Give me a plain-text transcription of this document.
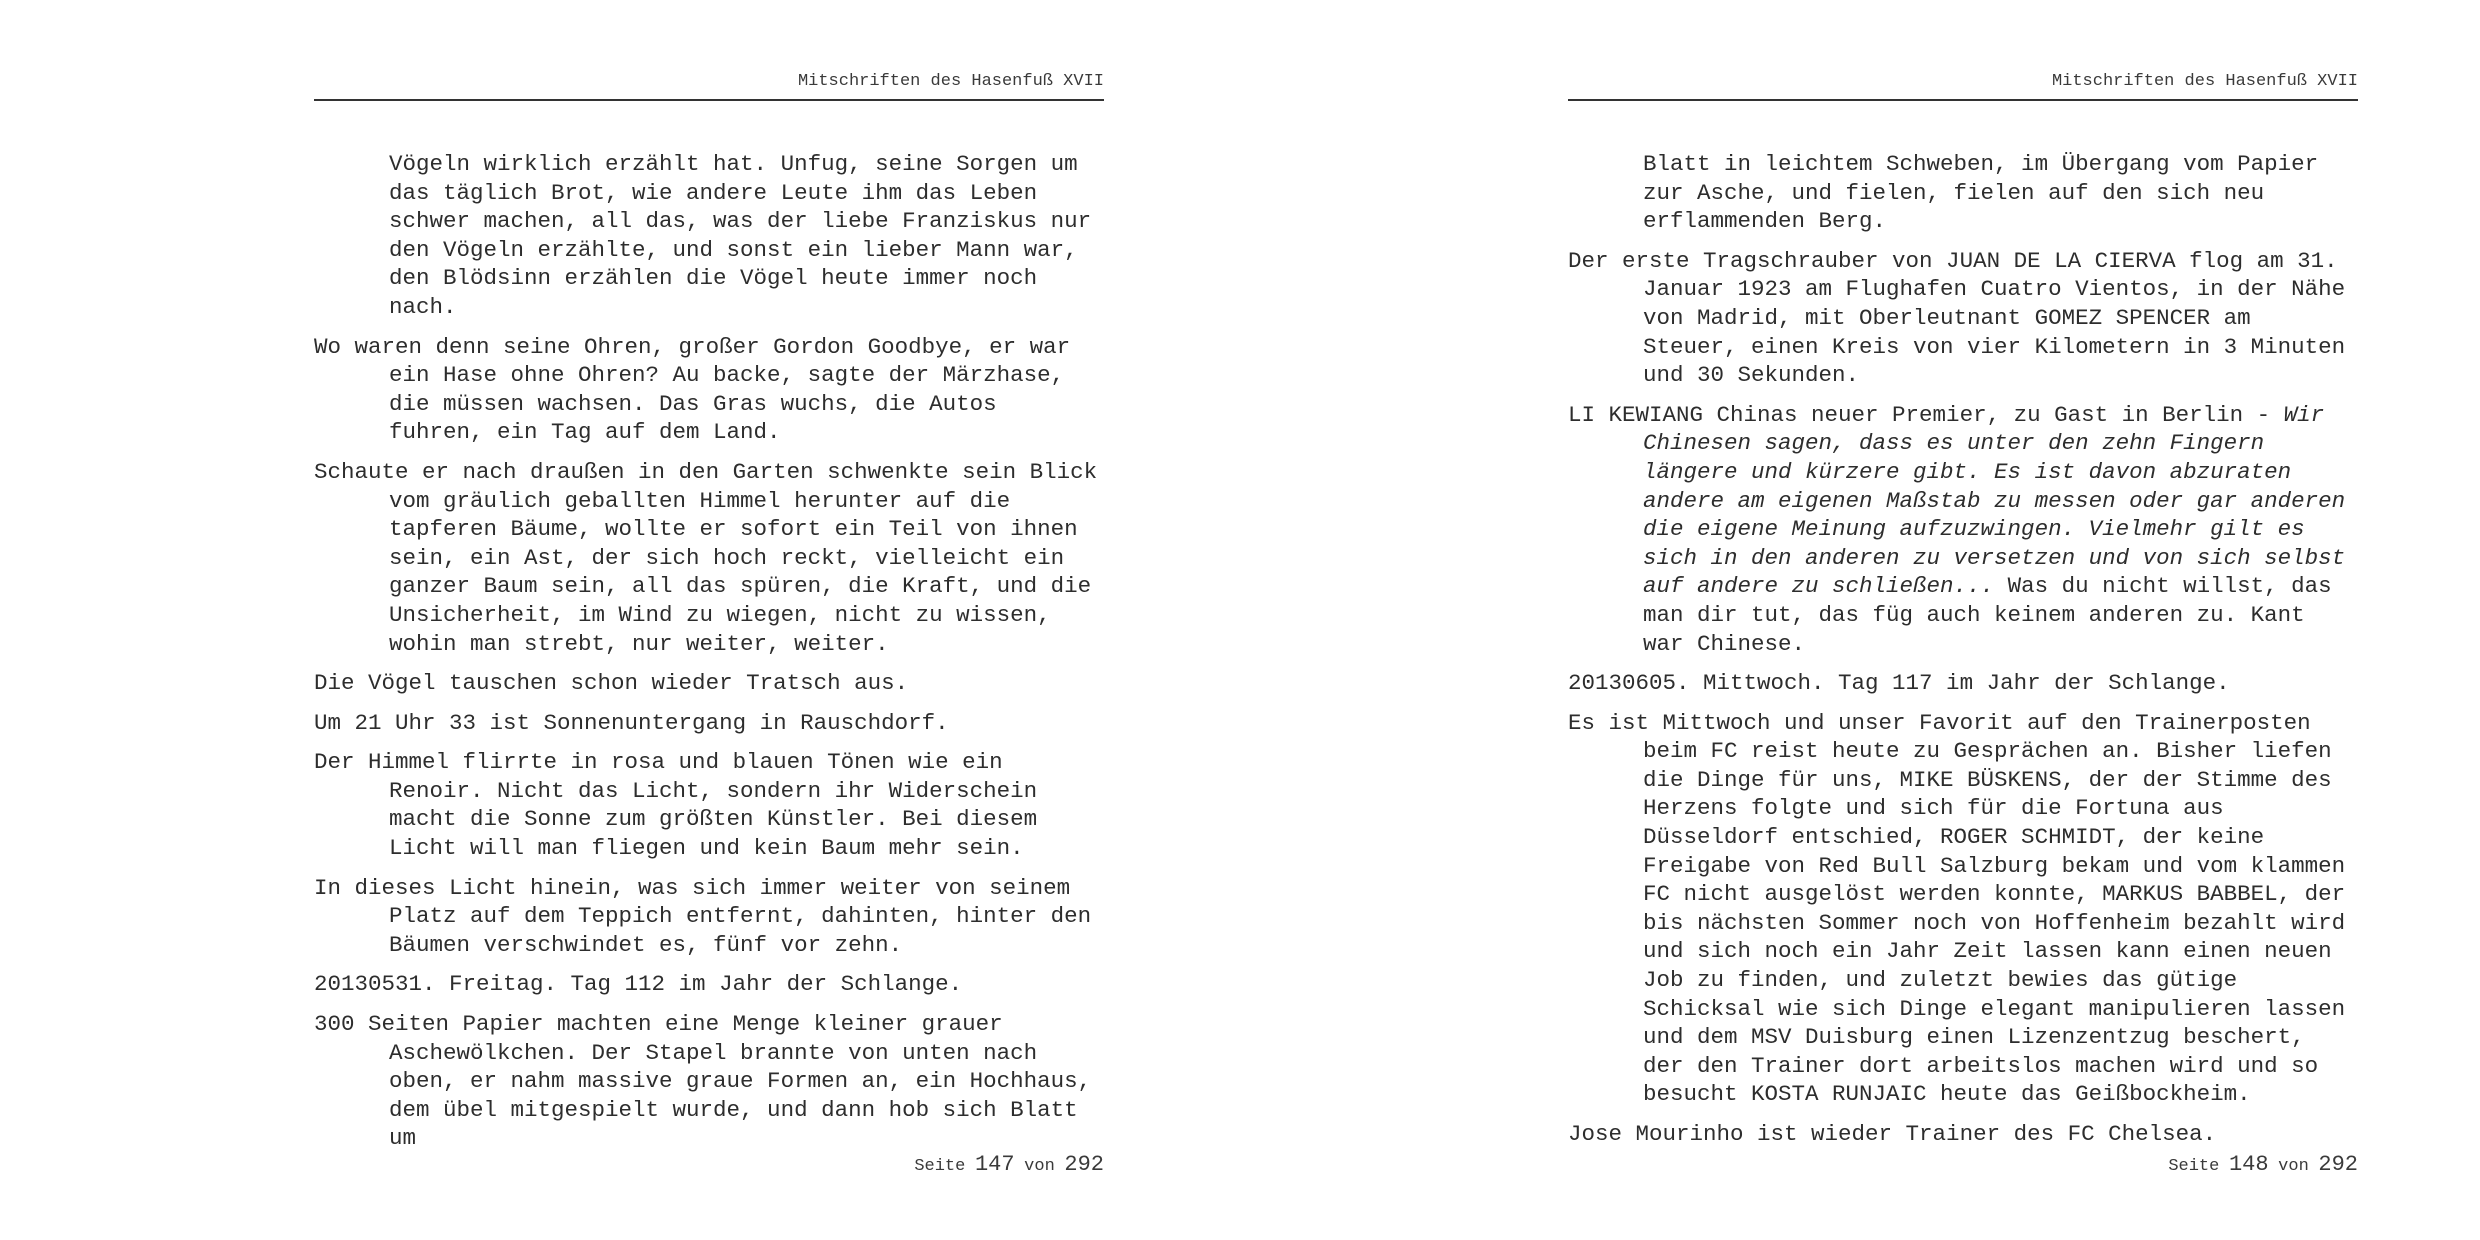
Mitschriften des Hasenfuß XVII

Vögeln wirklich erzählt hat. Unfug, seine Sorgen um das täglich Brot, wie andere Leute ihm das Leben schwer machen, all das, was der liebe Franziskus nur den Vögeln erzählte, und sonst ein lieber Mann war, den Blödsinn erzählen die Vögel heute immer noch nach.

Wo waren denn seine Ohren, großer Gordon Goodbye, er war ein Hase ohne Ohren? Au backe, sagte der Märzhase, die müssen wachsen. Das Gras wuchs, die Autos fuhren, ein Tag auf dem Land.

Schaute er nach draußen in den Garten schwenkte sein Blick vom gräulich geballten Himmel herunter auf die tapferen Bäume, wollte er sofort ein Teil von ihnen sein, ein Ast, der sich hoch reckt, vielleicht ein ganzer Baum sein, all das spüren, die Kraft, und die Unsicherheit, im Wind zu wiegen, nicht zu wissen, wohin man strebt, nur weiter, weiter.

Die Vögel tauschen schon wieder Tratsch aus.

Um 21 Uhr 33 ist Sonnenuntergang in Rauschdorf.

Der Himmel flirrte in rosa und blauen Tönen wie ein Renoir. Nicht das Licht, sondern ihr Widerschein macht die Sonne zum größten Künstler. Bei diesem Licht will man fliegen und kein Baum mehr sein.

In dieses Licht hinein, was sich immer weiter von seinem Platz auf dem Teppich entfernt, dahinten, hinter den Bäumen verschwindet es, fünf vor zehn.

20130531. Freitag. Tag 112 im Jahr der Schlange.

300 Seiten Papier machten eine Menge kleiner grauer Aschewölkchen. Der Stapel brannte von unten nach oben, er nahm massive graue Formen an, ein Hochhaus, dem übel mitgespielt wurde, und dann hob sich Blatt um

Seite 147 von 292
Mitschriften des Hasenfuß XVII

Blatt in leichtem Schweben, im Übergang vom Papier zur Asche, und fielen, fielen auf den sich neu erflammenden Berg.

Der erste Tragschrauber von JUAN DE LA CIERVA flog am 31. Januar 1923 am Flughafen Cuatro Vientos, in der Nähe von Madrid, mit Oberleutnant GOMEZ SPENCER am Steuer, einen Kreis von vier Kilometern in 3 Minuten und 30 Sekunden.

LI KEWIANG Chinas neuer Premier, zu Gast in Berlin - Wir Chinesen sagen, dass es unter den zehn Fingern längere und kürzere gibt. Es ist davon abzuraten andere am eigenen Maßstab zu messen oder gar anderen die eigene Meinung aufzuzwingen. Vielmehr gilt es sich in den anderen zu versetzen und von sich selbst auf andere zu schließen... Was du nicht willst, das man dir tut, das füg auch keinem anderen zu. Kant war Chinese.

20130605. Mittwoch. Tag 117 im Jahr der Schlange.

Es ist Mittwoch und unser Favorit auf den Trainerposten beim FC reist heute zu Gesprächen an. Bisher liefen die Dinge für uns, MIKE BÜSKENS, der der Stimme des Herzens folgte und sich für die Fortuna aus Düsseldorf entschied, ROGER SCHMIDT, der keine Freigabe von Red Bull Salzburg bekam und vom klammen FC nicht ausgelöst werden konnte, MARKUS BABBEL, der bis nächsten Sommer noch von Hoffenheim bezahlt wird und sich noch ein Jahr Zeit lassen kann einen neuen Job zu finden, und zuletzt bewies das gütige Schicksal wie sich Dinge elegant manipulieren lassen und dem MSV Duisburg einen Lizenzentzug beschert, der den Trainer dort arbeitslos machen wird und so besucht KOSTA RUNJAIC heute das Geißbockheim.

Jose Mourinho ist wieder Trainer des FC Chelsea.

Seite 148 von 292
